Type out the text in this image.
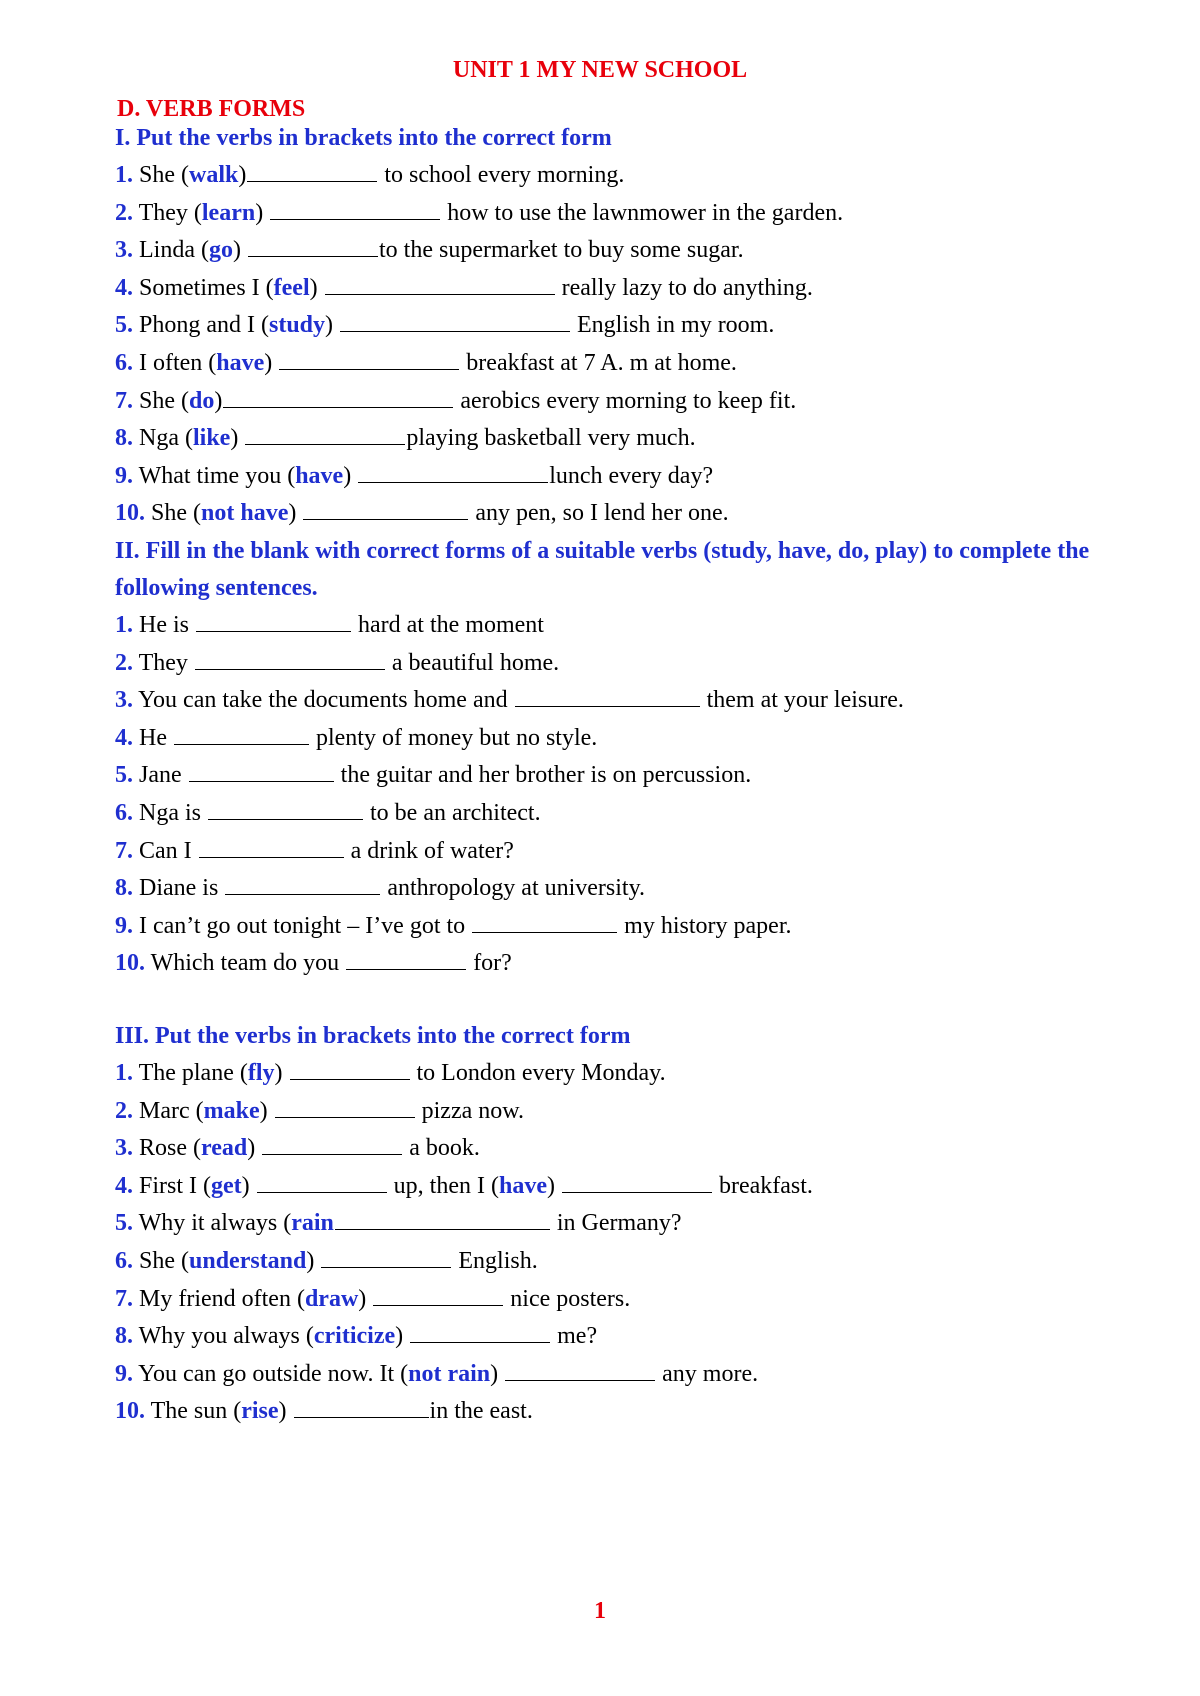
UNIT 1 MY NEW SCHOOL
D. VERB FORMS
I. Put the verbs in brackets into the correct form
1. She (walk)	to school every morning.
2. They (learn)	how to use the lawnmower in the garden.
3. Linda (go)	to the supermarket to buy some sugar.
4. Sometimes I (feel)	really lazy to do anything.
5. Phong and I (study)	English in my room.
6. I often (have)	breakfast at 7 A. m at home.
7. She (do)	aerobics every morning to keep fit.
8. Nga (like)	playing basketball very much.
9. What time you (have)	lunch every day?
10. She (not have)	any pen, so I lend her one.
II. Fill in the blank with correct forms of a suitable verbs (study, have, do, play) to complete the following sentences.
1. He is	hard at the moment
2. They	a beautiful home.
3. You can take the documents home and	them at your leisure.
4. He	plenty of money but no style.
5. Jane	the guitar and her brother is on percussion.
6. Nga is	to be an architect.
7. Can I	a drink of water?
8. Diane is	anthropology at university.
9. I can’t go out tonight – I’ve got to	my history paper.
10. Which team do you	for?
III. Put the verbs in brackets into the correct form
1. The plane (fly)	to London every Monday.
2. Marc (make)	pizza now.
3. Rose (read)	a book.
4. First I (get)	up, then I (have)	breakfast.
5. Why it always (rain	in Germany?
6. She (understand)	English.
7. My friend often (draw)	nice posters.
8. Why you always (criticize)	me?
9. You can go outside now. It (not rain)	any more.
10. The sun (rise)	in the east.
1
